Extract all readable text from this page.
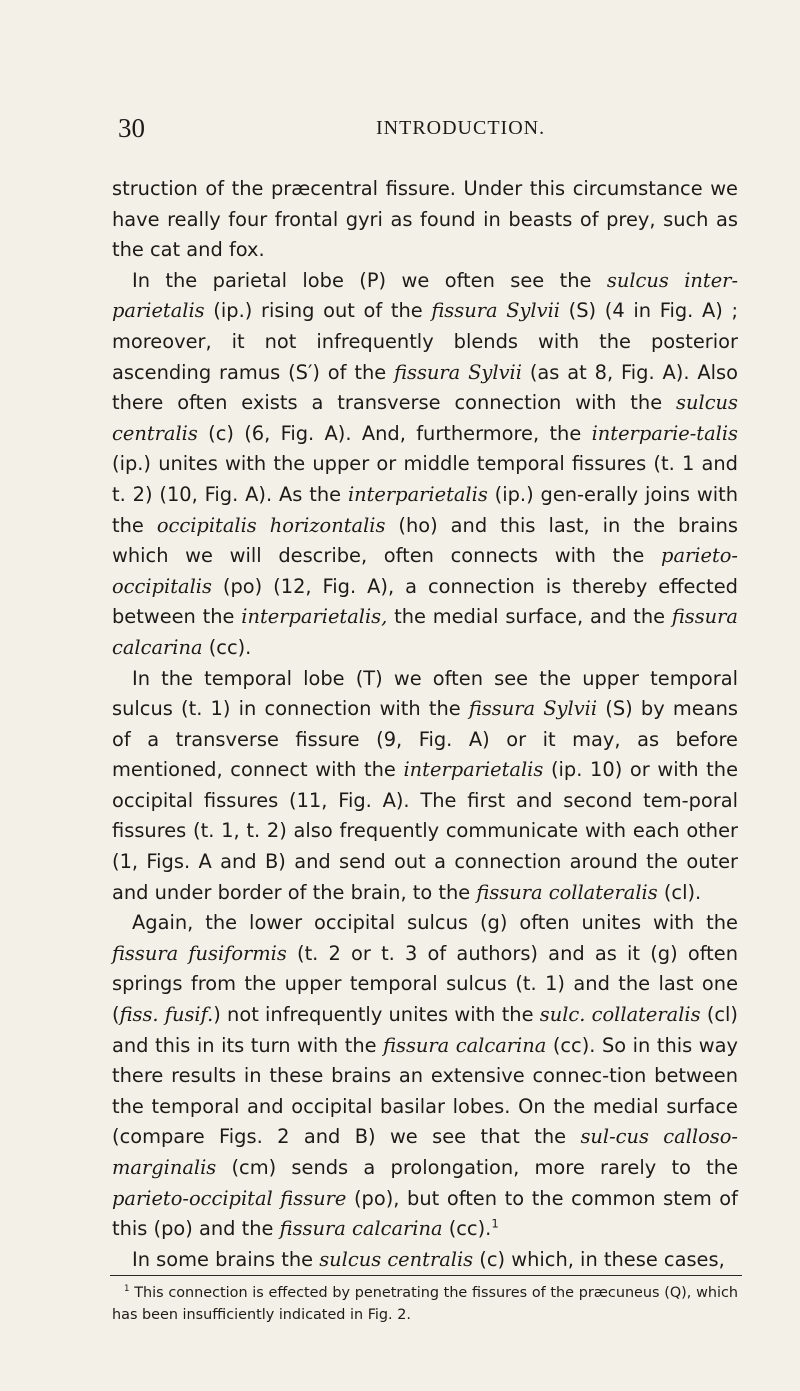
30	INTRODUCTION.

struction of the præcentral fissure. Under this circumstance we have really four frontal gyri as found in beasts of prey, such as the cat and fox.

In the parietal lobe (P) we often see the sulcus inter-parietalis (ip.) rising out of the fissura Sylvii (S) (4 in Fig. A) ; moreover, it not infrequently blends with the posterior ascending ramus (S′) of the fissura Sylvii (as at 8, Fig. A). Also there often exists a transverse connection with the sulcus centralis (c) (6, Fig. A). And, furthermore, the interparie-talis (ip.) unites with the upper or middle temporal fissures (t. 1 and t. 2) (10, Fig. A). As the interparietalis (ip.) gen-erally joins with the occipitalis horizontalis (ho) and this last, in the brains which we will describe, often connects with the parieto-occipitalis (po) (12, Fig. A), a connection is thereby effected between the interparietalis, the medial surface, and the fissura calcarina (cc).

In the temporal lobe (T) we often see the upper temporal sulcus (t. 1) in connection with the fissura Sylvii (S) by means of a transverse fissure (9, Fig. A) or it may, as before mentioned, connect with the interparietalis (ip. 10) or with the occipital fissures (11, Fig. A). The first and second tem-poral fissures (t. 1, t. 2) also frequently communicate with each other (1, Figs. A and B) and send out a connection around the outer and under border of the brain, to the fissura collateralis (cl).

Again, the lower occipital sulcus (g) often unites with the fissura fusiformis (t. 2 or t. 3 of authors) and as it (g) often springs from the upper temporal sulcus (t. 1) and the last one (fiss. fusif.) not infrequently unites with the sulc. collateralis (cl) and this in its turn with the fissura calcarina (cc). So in this way there results in these brains an extensive connec-tion between the temporal and occipital basilar lobes. On the medial surface (compare Figs. 2 and B) we see that the sul-cus calloso-marginalis (cm) sends a prolongation, more rarely to the parieto-occipital fissure (po), but often to the common stem of this (po) and the fissura calcarina (cc).$^1$

In some brains the sulcus centralis (c) which, in these cases,

$^1$ This connection is effected by penetrating the fissures of the præcuneus (Q), which has been insufficiently indicated in Fig. 2.
